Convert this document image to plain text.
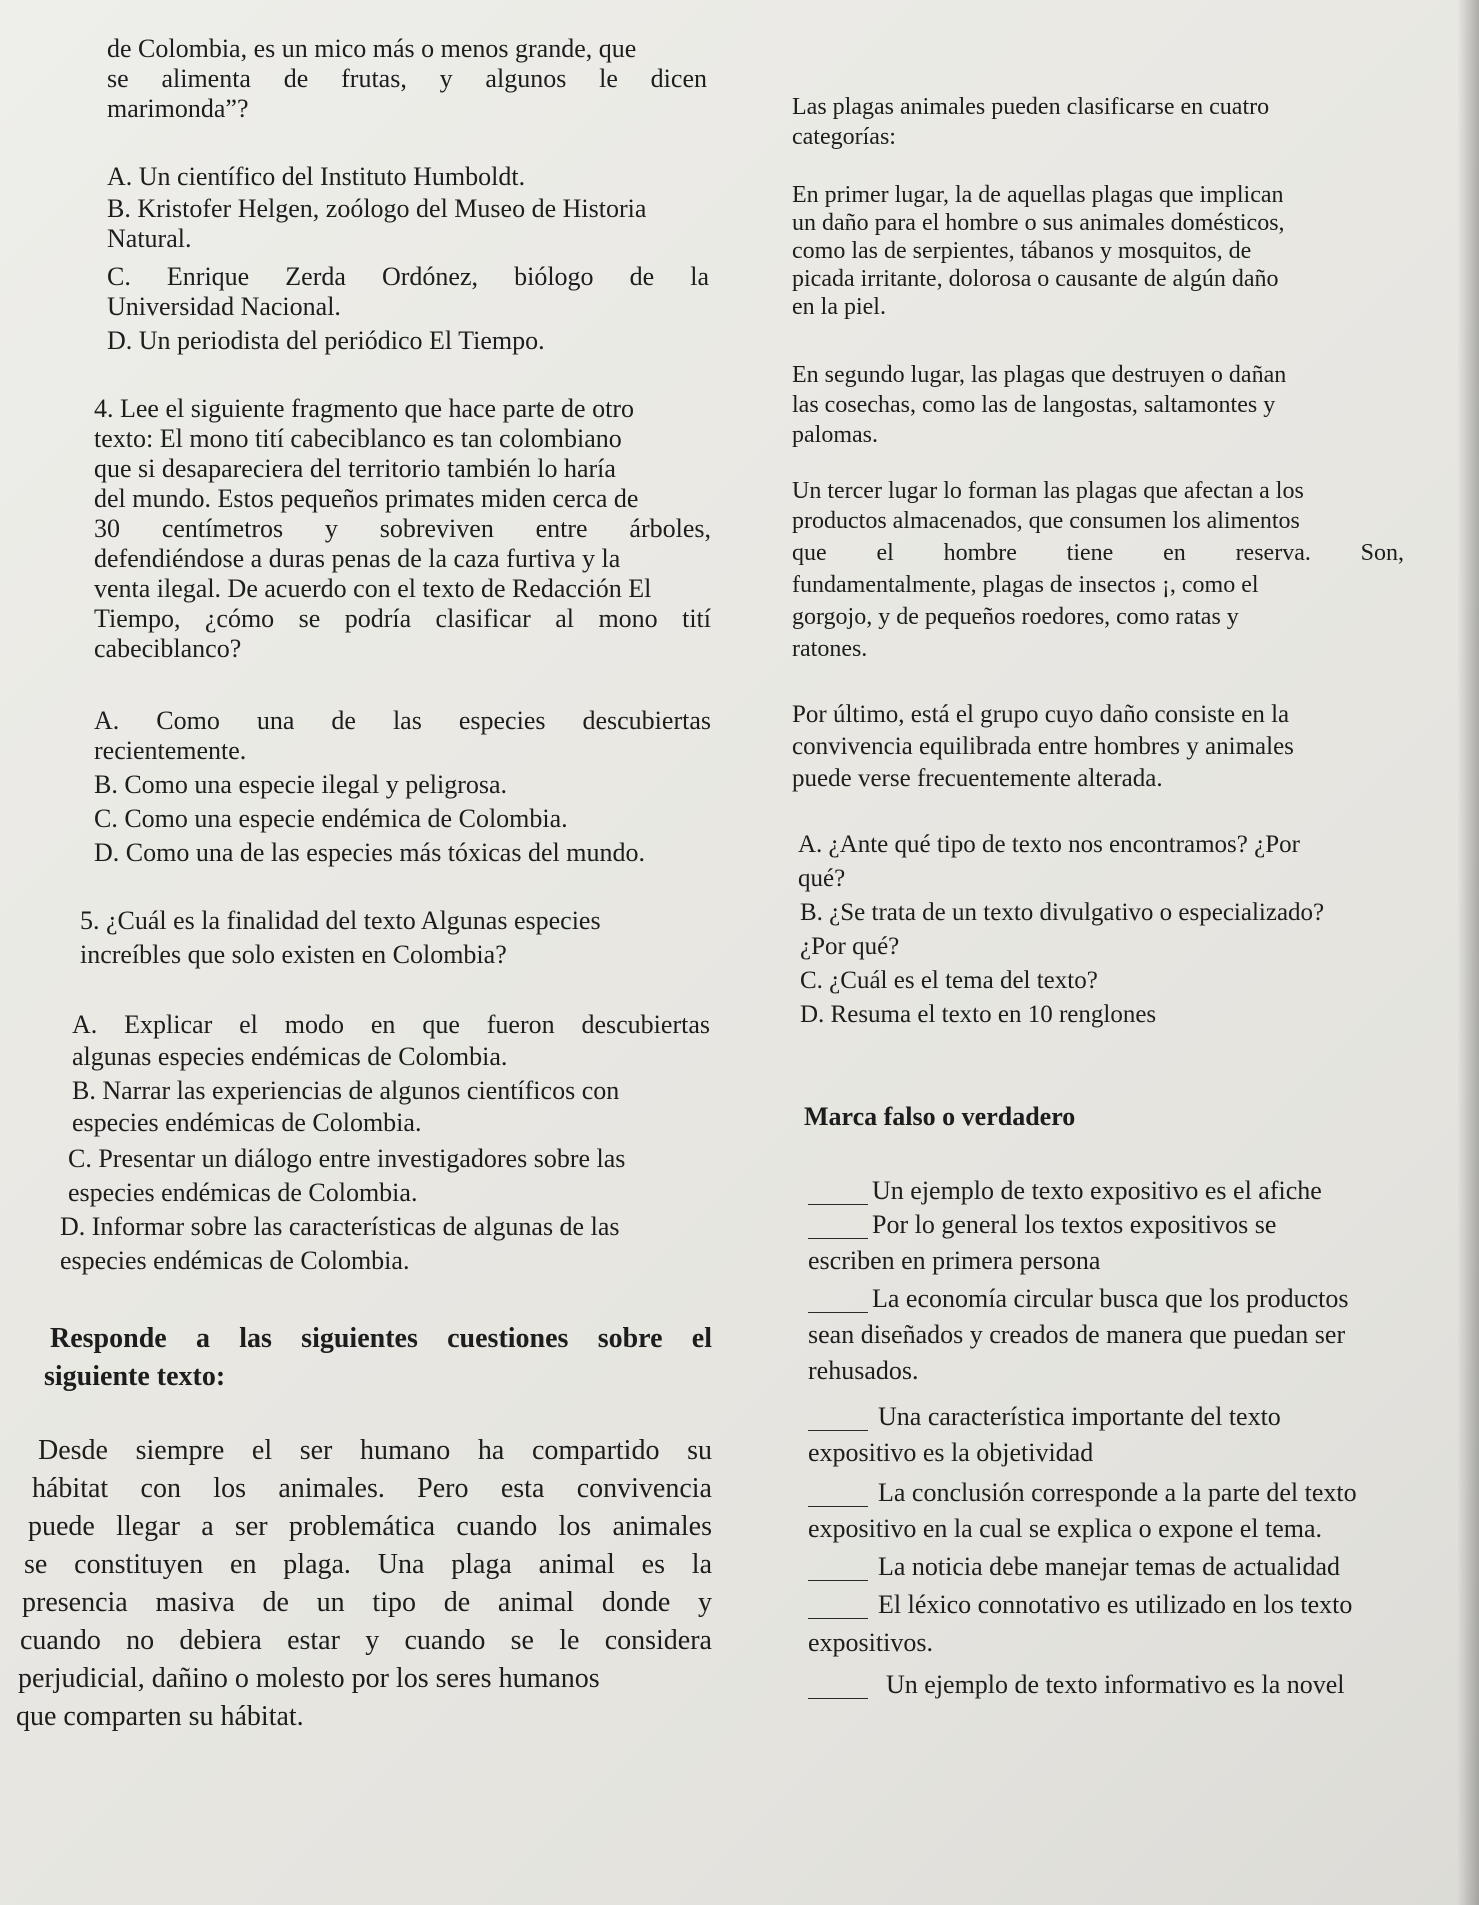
de Colombia, es un mico más o menos grande, que
se alimenta de frutas, y algunos le dicen
marimonda”?
A. Un científico del Instituto Humboldt.
B. Kristofer Helgen, zoólogo del Museo de Historia
Natural.
C. Enrique Zerda Ordónez, biólogo de la
Universidad Nacional.
D. Un periodista del periódico El Tiempo.
4. Lee el siguiente fragmento que hace parte de otro
texto: El mono tití cabeciblanco es tan colombiano
que si desapareciera del territorio también lo haría
del mundo. Estos pequeños primates miden cerca de
30 centímetros y sobreviven entre árboles,
defendiéndose a duras penas de la caza furtiva y la
venta ilegal. De acuerdo con el texto de Redacción El
Tiempo, ¿cómo se podría clasificar al mono tití
cabeciblanco?
A. Como una de las especies descubiertas
recientemente.
B. Como una especie ilegal y peligrosa.
C. Como una especie endémica de Colombia.
D. Como una de las especies más tóxicas del mundo.
5. ¿Cuál es la finalidad del texto Algunas especies
increíbles que solo existen en Colombia?
A. Explicar el modo en que fueron descubiertas
algunas especies endémicas de Colombia.
B. Narrar las experiencias de algunos científicos con
especies endémicas de Colombia.
C. Presentar un diálogo entre investigadores sobre las
especies endémicas de Colombia.
D. Informar sobre las características de algunas de las
especies endémicas de Colombia.
Responde a las siguientes cuestiones sobre el
siguiente texto:
Desde siempre el ser humano ha compartido su
hábitat con los animales. Pero esta convivencia
puede llegar a ser problemática cuando los animales
se constituyen en plaga. Una plaga animal es la
presencia masiva de un tipo de animal donde y
cuando no debiera estar y cuando se le considera
perjudicial, dañino o molesto por los seres humanos
que comparten su hábitat.
Las plagas animales pueden clasificarse en cuatro
categorías:
En primer lugar, la de aquellas plagas que implican
un daño para el hombre o sus animales domésticos,
como las de serpientes, tábanos y mosquitos, de
picada irritante, dolorosa o causante de algún daño
en la piel.
En segundo lugar, las plagas que destruyen o dañan
las cosechas, como las de langostas, saltamontes y
palomas.
Un tercer lugar lo forman las plagas que afectan a los
productos almacenados, que consumen los alimentos
que el hombre tiene en reserva. Son,
fundamentalmente, plagas de insectos ¡, como el
gorgojo, y de pequeños roedores, como ratas y
ratones.
Por último, está el grupo cuyo daño consiste en la
convivencia equilibrada entre hombres y animales
puede verse frecuentemente alterada.
A. ¿Ante qué tipo de texto nos encontramos? ¿Por
qué?
B. ¿Se trata de un texto divulgativo o especializado?
¿Por qué?
C. ¿Cuál es el tema del texto?
D. Resuma el texto en 10 renglones
Marca falso o verdadero
Un ejemplo de texto expositivo es el afiche
Por lo general los textos expositivos se
escriben en primera persona
La economía circular busca que los productos
sean diseñados y creados de manera que puedan ser
rehusados.
Una característica importante del texto
expositivo es la objetividad
La conclusión corresponde a la parte del texto
expositivo en la cual se explica o expone el tema.
La noticia debe manejar temas de actualidad
El léxico connotativo es utilizado en los texto
expositivos.
Un ejemplo de texto informativo es la novel
